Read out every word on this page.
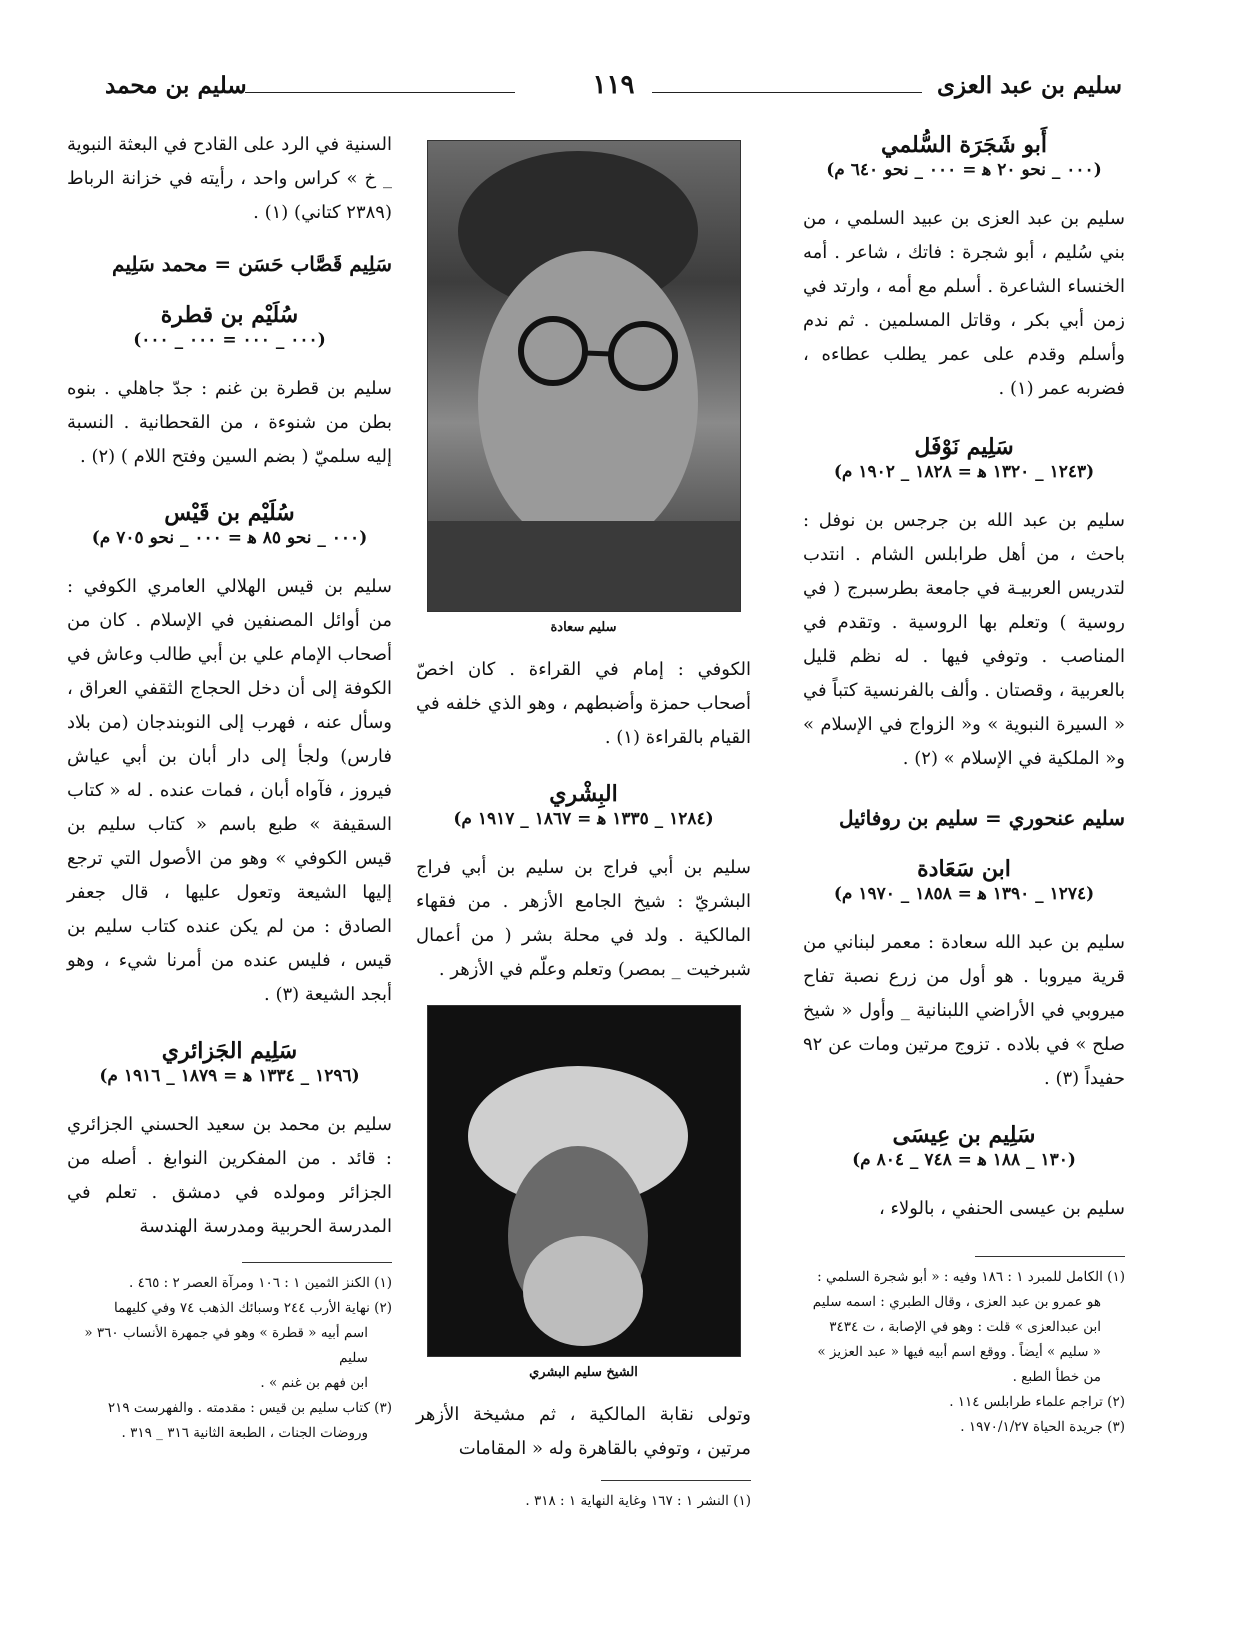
سليم بن عبد العزى
١١٩
سليم بن محمد
أَبو شَجَرَة السُّلمي
(٠٠٠ _ نحو ٢٠ ﻫ = ٠٠٠ _ نحو ٦٤٠ م)

سليم بن عبد العزى بن عبيد السلمي ، من بني سُليم ، أبو شجرة : فاتك ، شاعر . أمه الخنساء الشاعرة . أسلم مع أمه ، وارتد في زمن أبي بكر ، وقاتل المسلمين . ثم ندم وأسلم وقدم على عمر يطلب عطاءه ، فضربه عمر (١) .

سَلِيم نَوْفَل
(١٢٤٣ _ ١٣٢٠ ﻫ = ١٨٢٨ _ ١٩٠٢ م)

سليم بن عبد الله بن جرجس بن نوفل : باحث ، من أهل طرابلس الشام . انتدب لتدريس العربيـة في جامعة بطرسبرج ( في روسية ) وتعلم بها الروسية . وتقدم في المناصب . وتوفي فيها . له نظم قليل بالعربية ، وقصتان . وألف بالفرنسية كتباً في « السيرة النبوية » و« الزواج في الإسلام » و« الملكية في الإسلام » (٢) .

سليم عنحوري = سليم بن روفائيل
ابن سَعَادة
(١٢٧٤ _ ١٣٩٠ ﻫ = ١٨٥٨ _ ١٩٧٠ م)

سليم بن عبد الله سعادة : معمر لبناني من قرية ميروبا . هو أول من زرع نصبة تفاح ميروبي في الأراضي اللبنانية _ وأول « شيخ صلح » في بلاده . تزوج مرتين ومات عن ٩٢ حفيداً (٣) .

سَلِيم بن عِيسَى
(١٣٠ _ ١٨٨ ﻫ = ٧٤٨ _ ٨٠٤ م)

سليم بن عيسى الحنفي ، بالولاء ،

(١) الكامل للمبرد ١ : ١٨٦ وفيه : « أبو شجرة السلمي :
هو عمرو بن عبد العزى ، وقال الطبري : اسمه سليم
ابن عبدالعزى » قلت : وهو في الإصابة ، ت ٣٤٣٤
« سليم » أيضاً . ووقع اسم أبيه فيها « عبد العزيز »
من خطأ الطبع .
(٢) تراجم علماء طرابلس ١١٤ .
(٣) جريدة الحياة ١٩٧٠/١/٢٧ .
سليم سعادة

الكوفي : إمام في القراءة . كان اخصّ أصحاب حمزة وأضبطهم ، وهو الذي خلفه في القيام بالقراءة (١) .

البِشْري
(١٢٨٤ _ ١٣٣٥ ﻫ = ١٨٦٧ _ ١٩١٧ م)

سليم بن أبي فراج بن سليم بن أبي فراج البشريّ : شيخ الجامع الأزهر . من فقهاء المالكية . ولد في محلة بشر ( من أعمال شبرخيت _ بمصر) وتعلم وعلّم في الأزهر .

الشيخ سليم البشري

وتولى نقابة المالكية ، ثم مشيخة الأزهر مرتين ، وتوفي بالقاهرة وله « المقامات

(١) النشر ١ : ١٦٧ وغاية النهاية ١ : ٣١٨ .

السنية في الرد على القادح في البعثة النبوية _ خ » كراس واحد ، رأيته في خزانة الرباط (٢٣٨٩ كتاني) (١) .

سَلِيم قَصَّاب حَسَن = محمد سَلِيم
سُلَيْم بن قطرة
(٠٠٠ _ ٠٠٠ = ٠٠٠ _ ٠٠٠)

سليم بن قطرة بن غنم : جدّ جاهلي . بنوه بطن من شنوءة ، من القحطانية . النسبة إليه سلميّ ( بضم السين وفتح اللام ) (٢) .

سُلَيْم بن قَيْس
(٠٠٠ _ نحو ٨٥ ﻫ = ٠٠٠ _ نحو ٧٠٥ م)

سليم بن قيس الهلالي العامري الكوفي : من أوائل المصنفين في الإسلام . كان من أصحاب الإمام علي بن أبي طالب وعاش في الكوفة إلى أن دخل الحجاج الثقفي العراق ، وسأل عنه ، فهرب إلى النوبندجان (من بلاد فارس) ولجأ إلى دار أبان بن أبي عياش فيروز ، فآواه أبان ، فمات عنده . له « كتاب السقيفة » طبع باسم « كتاب سليم بن قيس الكوفي » وهو من الأصول التي ترجع إليها الشيعة وتعول عليها ، قال جعفر الصادق : من لم يكن عنده كتاب سليم بن قيس ، فليس عنده من أمرنا شيء ، وهو أبجد الشيعة (٣) .

سَلِيم الجَزائري
(١٢٩٦ _ ١٣٣٤ ﻫ = ١٨٧٩ _ ١٩١٦ م)

سليم بن محمد بن سعيد الحسني الجزائري : قائد . من المفكرين النوابغ . أصله من الجزائر ومولده في دمشق . تعلم في المدرسة الحربية ومدرسة الهندسة

(١) الكنز الثمين ١ : ١٠٦ ومرآة العصر ٢ : ٤٦٥ .
(٢) نهاية الأرب ٢٤٤ وسبائك الذهب ٧٤ وفي كليهما
اسم أبيه « قطرة » وهو في جمهرة الأنساب ٣٦٠ « سليم
ابن فهم بن غنم » .
(٣) كتاب سليم بن قيس : مقدمته . والفهرست ٢١٩
وروضات الجنات ، الطبعة الثانية ٣١٦ _ ٣١٩ .
